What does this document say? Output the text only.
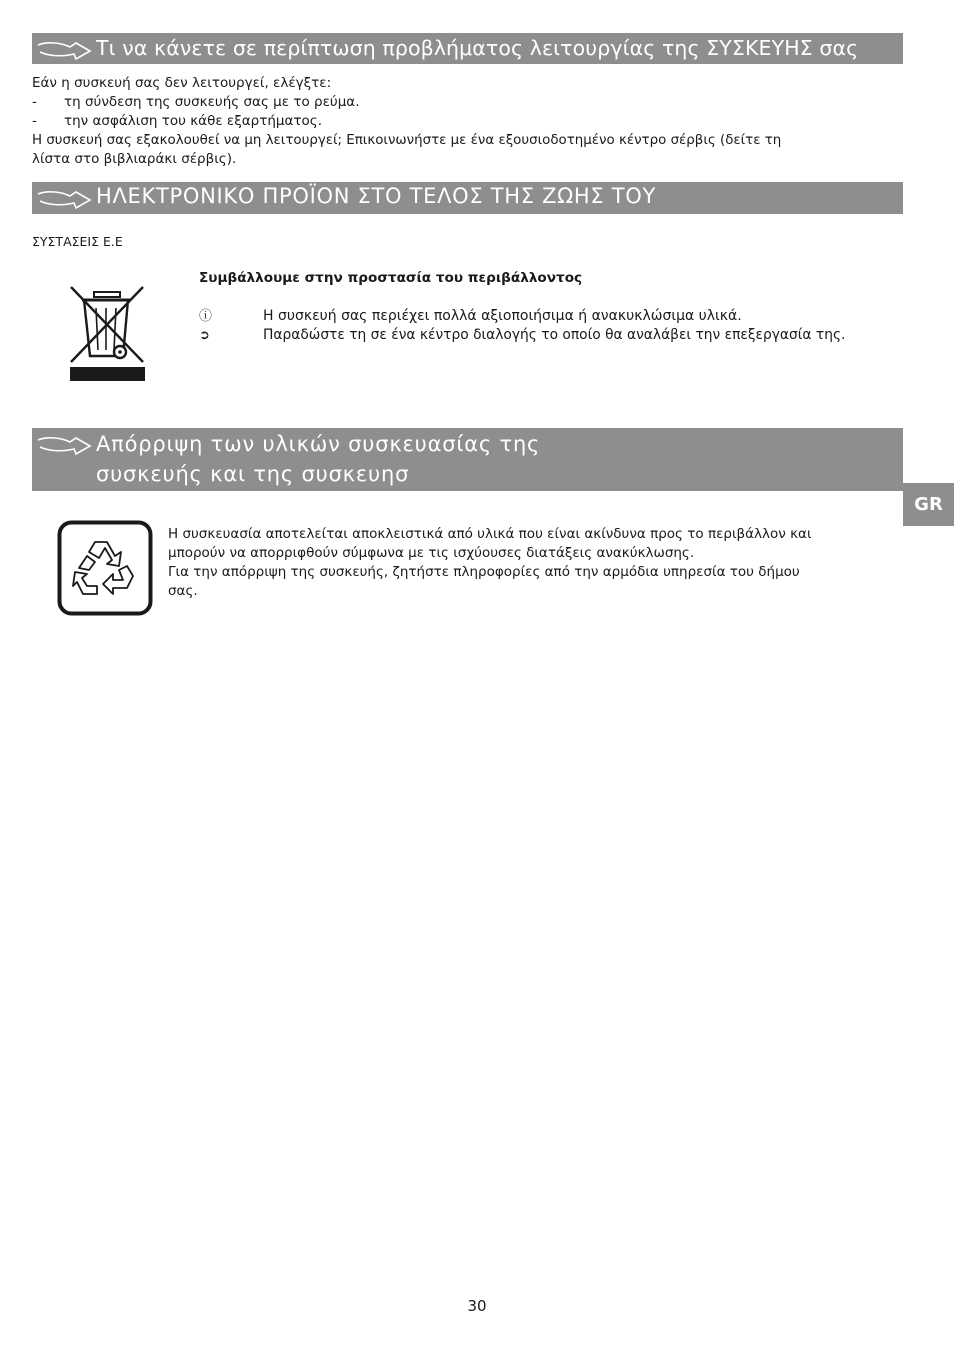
Τι να κάνετε σε περίπτωση προβλήματος λειτουργίας της ΣΥΣΚΕΥΗΣ σας
Εάν η συσκευή σας δεν λειτουργεί, ελέγξτε:
- τη σύνδεση της συσκευής σας με το ρεύμα.
- την ασφάλιση του κάθε εξαρτήματος.
Η συσκευή σας εξακολουθεί να μη λειτουργεί; Επικοινωνήστε με ένα εξουσιοδοτημένο κέντρο σέρβις (δείτε τη
λίστα στο βιβλιαράκι σέρβις).
ΗΛΕΚΤΡΟΝΙΚΟ ΠΡΟΪΟΝ ΣΤΟ ΤΕΛΟΣ ΤΗΣ ΖΩΗΣ ΤΟΥ
ΣΥΣΤΑΣΕΙΣ Ε.Ε
Συμβάλλουμε στην προστασία του περιβάλλοντος
ⓘ	Η συσκευή σας περιέχει πολλά αξιοποιήσιμα ή ανακυκλώσιμα υλικά.
➲	Παραδώστε τη σε ένα κέντρο διαλογής το οποίο θα αναλάβει την επεξεργασία της.
Απόρριψη των υλικών συσκευασίας της
συσκευής και της συσκευησ
GR
Η συσκευασία αποτελείται αποκλειστικά από υλικά που είναι ακίνδυνα προς το περιβάλλον και
μπορούν να απορριφθούν σύμφωνα με τις ισχύουσες διατάξεις ανακύκλωσης.
Για την απόρριψη της συσκευής, ζητήστε πληροφορίες από την αρμόδια υπηρεσία του δήμου
σας.
30
